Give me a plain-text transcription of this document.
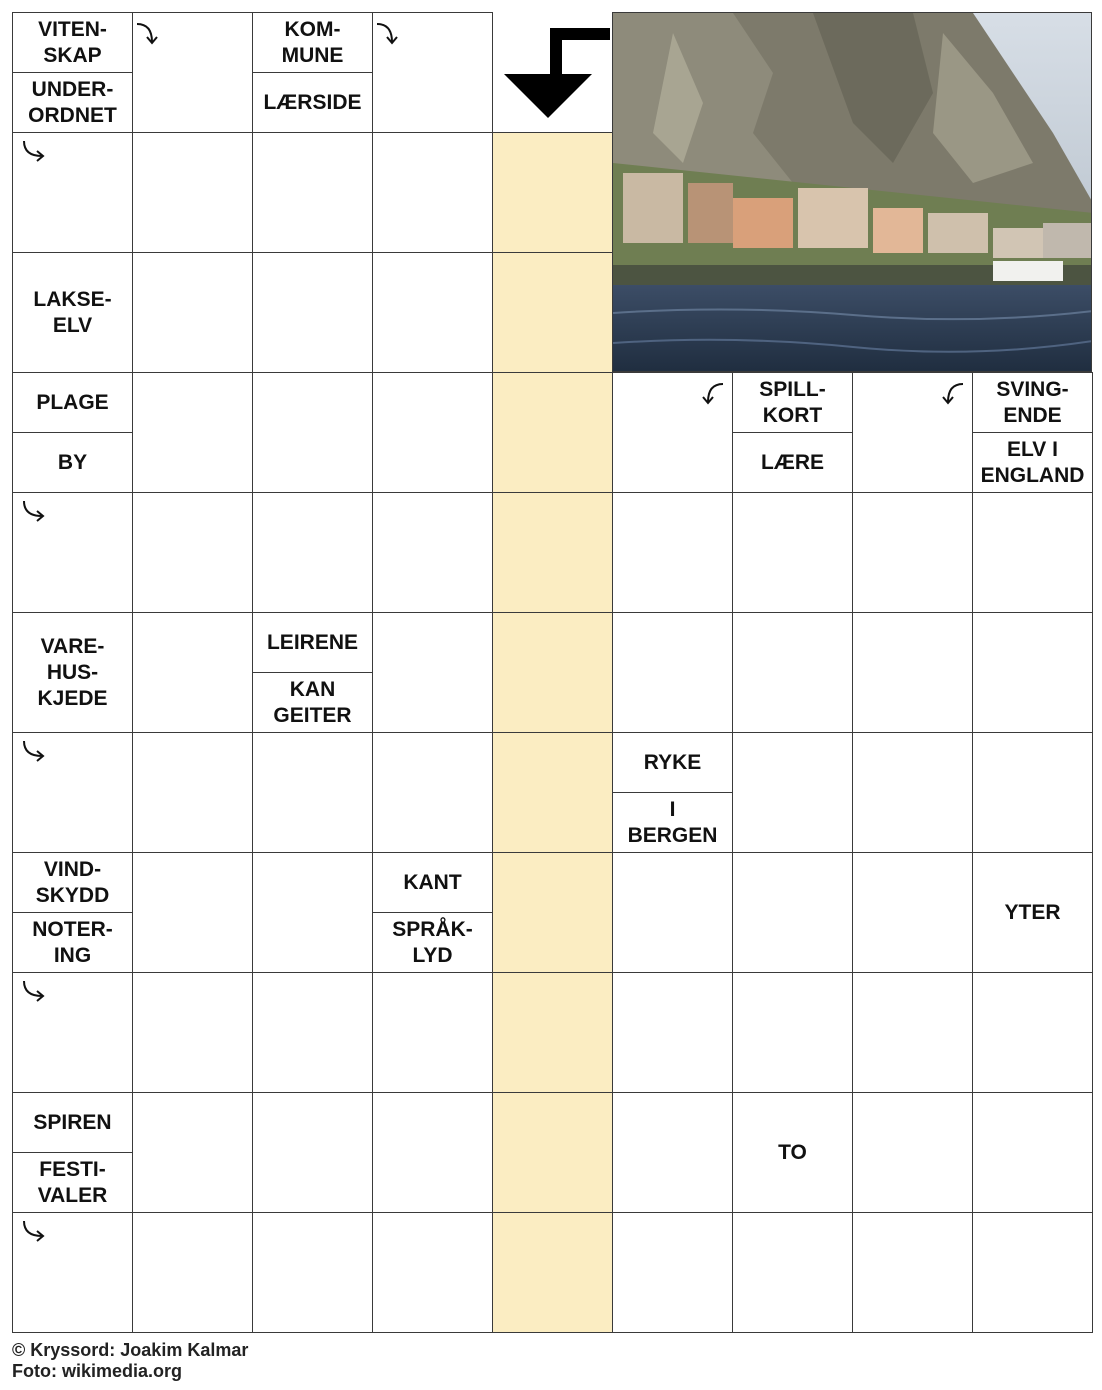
VITEN-
SKAP
UNDER-
ORDNET
KOM-
MUNE
LÆRSIDE
LAKSE-
ELV
PLAGE
BY
SPILL-
KORT
LÆRE
SVING-
ENDE
ELV I
ENGLAND
VARE-
HUS-
KJEDE
LEIRENE
KAN
GEITER
RYKE
I
BERGEN
VIND-
SKYDD
NOTER-
ING
KANT
SPRÅK-
LYD
YTER
SPIREN
FESTI-
VALER
TO
© Kryssord: Joakim Kalmar
Foto: wikimedia.org
